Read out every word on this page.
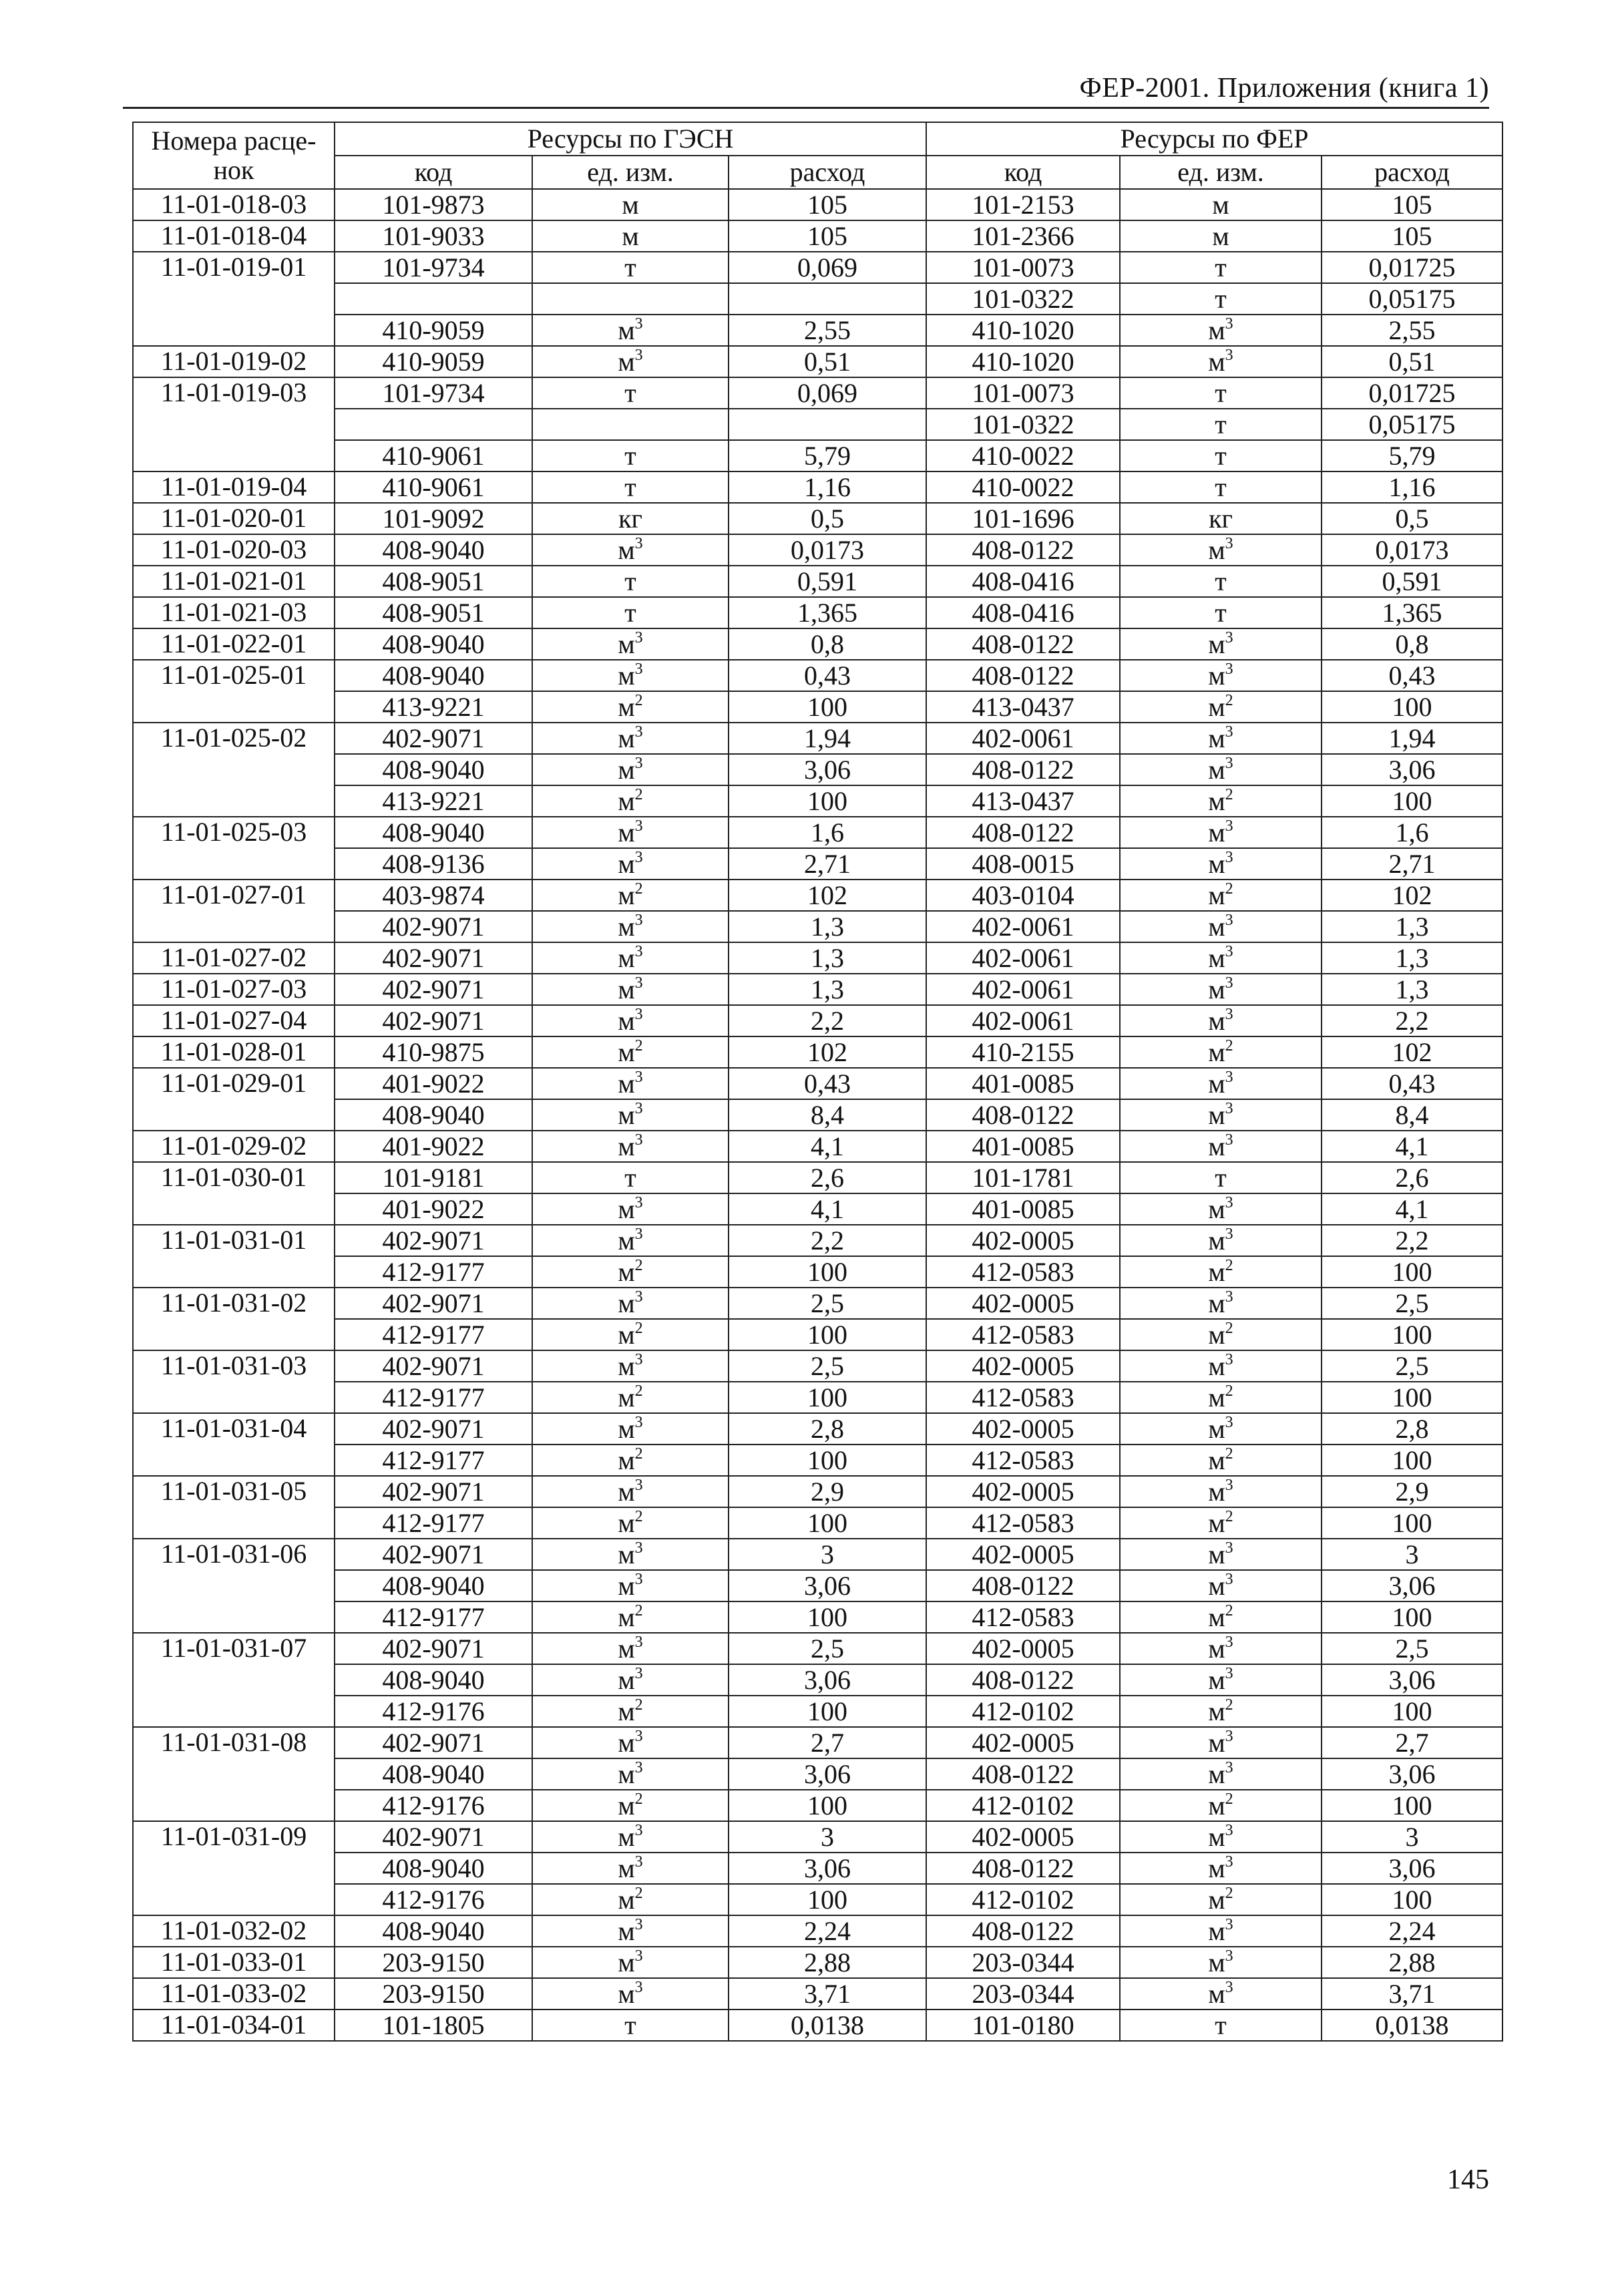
ФЕР-2001. Приложения (книга 1)
Номера расце-
нок	Ресурсы по ГЭСН			Ресурсы по ФЕР		
	код	ед. изм.	расход	код	ед. изм.	расход
11-01-018-03	101-9873	м	105	101-2153	м	105
11-01-018-04	101-9033	м	105	101-2366	м	105
11-01-019-01	101-9734	т	0,069	101-0073	т	0,01725
				101-0322	т	0,05175
	410-9059	$м^3$	2,55	410-1020	$м^3$	2,55
11-01-019-02	410-9059	$м^3$	0,51	410-1020	$м^3$	0,51
11-01-019-03	101-9734	т	0,069	101-0073	т	0,01725
				101-0322	т	0,05175
	410-9061	т	5,79	410-0022	т	5,79
11-01-019-04	410-9061	т	1,16	410-0022	т	1,16
11-01-020-01	101-9092	кг	0,5	101-1696	кг	0,5
11-01-020-03	408-9040	$м^3$	0,0173	408-0122	$м^3$	0,0173
11-01-021-01	408-9051	т	0,591	408-0416	т	0,591
11-01-021-03	408-9051	т	1,365	408-0416	т	1,365
11-01-022-01	408-9040	$м^3$	0,8	408-0122	$м^3$	0,8
11-01-025-01	408-9040	$м^3$	0,43	408-0122	$м^3$	0,43
	413-9221	$м^2$	100	413-0437	$м^2$	100
11-01-025-02	402-9071	$м^3$	1,94	402-0061	$м^3$	1,94
	408-9040	$м^3$	3,06	408-0122	$м^3$	3,06
	413-9221	$м^2$	100	413-0437	$м^2$	100
11-01-025-03	408-9040	$м^3$	1,6	408-0122	$м^3$	1,6
	408-9136	$м^3$	2,71	408-0015	$м^3$	2,71
11-01-027-01	403-9874	$м^2$	102	403-0104	$м^2$	102
	402-9071	$м^3$	1,3	402-0061	$м^3$	1,3
11-01-027-02	402-9071	$м^3$	1,3	402-0061	$м^3$	1,3
11-01-027-03	402-9071	$м^3$	1,3	402-0061	$м^3$	1,3
11-01-027-04	402-9071	$м^3$	2,2	402-0061	$м^3$	2,2
11-01-028-01	410-9875	$м^2$	102	410-2155	$м^2$	102
11-01-029-01	401-9022	$м^3$	0,43	401-0085	$м^3$	0,43
	408-9040	$м^3$	8,4	408-0122	$м^3$	8,4
11-01-029-02	401-9022	$м^3$	4,1	401-0085	$м^3$	4,1
11-01-030-01	101-9181	т	2,6	101-1781	т	2,6
	401-9022	$м^3$	4,1	401-0085	$м^3$	4,1
11-01-031-01	402-9071	$м^3$	2,2	402-0005	$м^3$	2,2
	412-9177	$м^2$	100	412-0583	$м^2$	100
11-01-031-02	402-9071	$м^3$	2,5	402-0005	$м^3$	2,5
	412-9177	$м^2$	100	412-0583	$м^2$	100
11-01-031-03	402-9071	$м^3$	2,5	402-0005	$м^3$	2,5
	412-9177	$м^2$	100	412-0583	$м^2$	100
11-01-031-04	402-9071	$м^3$	2,8	402-0005	$м^3$	2,8
	412-9177	$м^2$	100	412-0583	$м^2$	100
11-01-031-05	402-9071	$м^3$	2,9	402-0005	$м^3$	2,9
	412-9177	$м^2$	100	412-0583	$м^2$	100
11-01-031-06	402-9071	$м^3$	3	402-0005	$м^3$	3
	408-9040	$м^3$	3,06	408-0122	$м^3$	3,06
	412-9177	$м^2$	100	412-0583	$м^2$	100
11-01-031-07	402-9071	$м^3$	2,5	402-0005	$м^3$	2,5
	408-9040	$м^3$	3,06	408-0122	$м^3$	3,06
	412-9176	$м^2$	100	412-0102	$м^2$	100
11-01-031-08	402-9071	$м^3$	2,7	402-0005	$м^3$	2,7
	408-9040	$м^3$	3,06	408-0122	$м^3$	3,06
	412-9176	$м^2$	100	412-0102	$м^2$	100
11-01-031-09	402-9071	$м^3$	3	402-0005	$м^3$	3
	408-9040	$м^3$	3,06	408-0122	$м^3$	3,06
	412-9176	$м^2$	100	412-0102	$м^2$	100
11-01-032-02	408-9040	$м^3$	2,24	408-0122	$м^3$	2,24
11-01-033-01	203-9150	$м^3$	2,88	203-0344	$м^3$	2,88
11-01-033-02	203-9150	$м^3$	3,71	203-0344	$м^3$	3,71
11-01-034-01	101-1805	т	0,0138	101-0180	т	0,0138
145
